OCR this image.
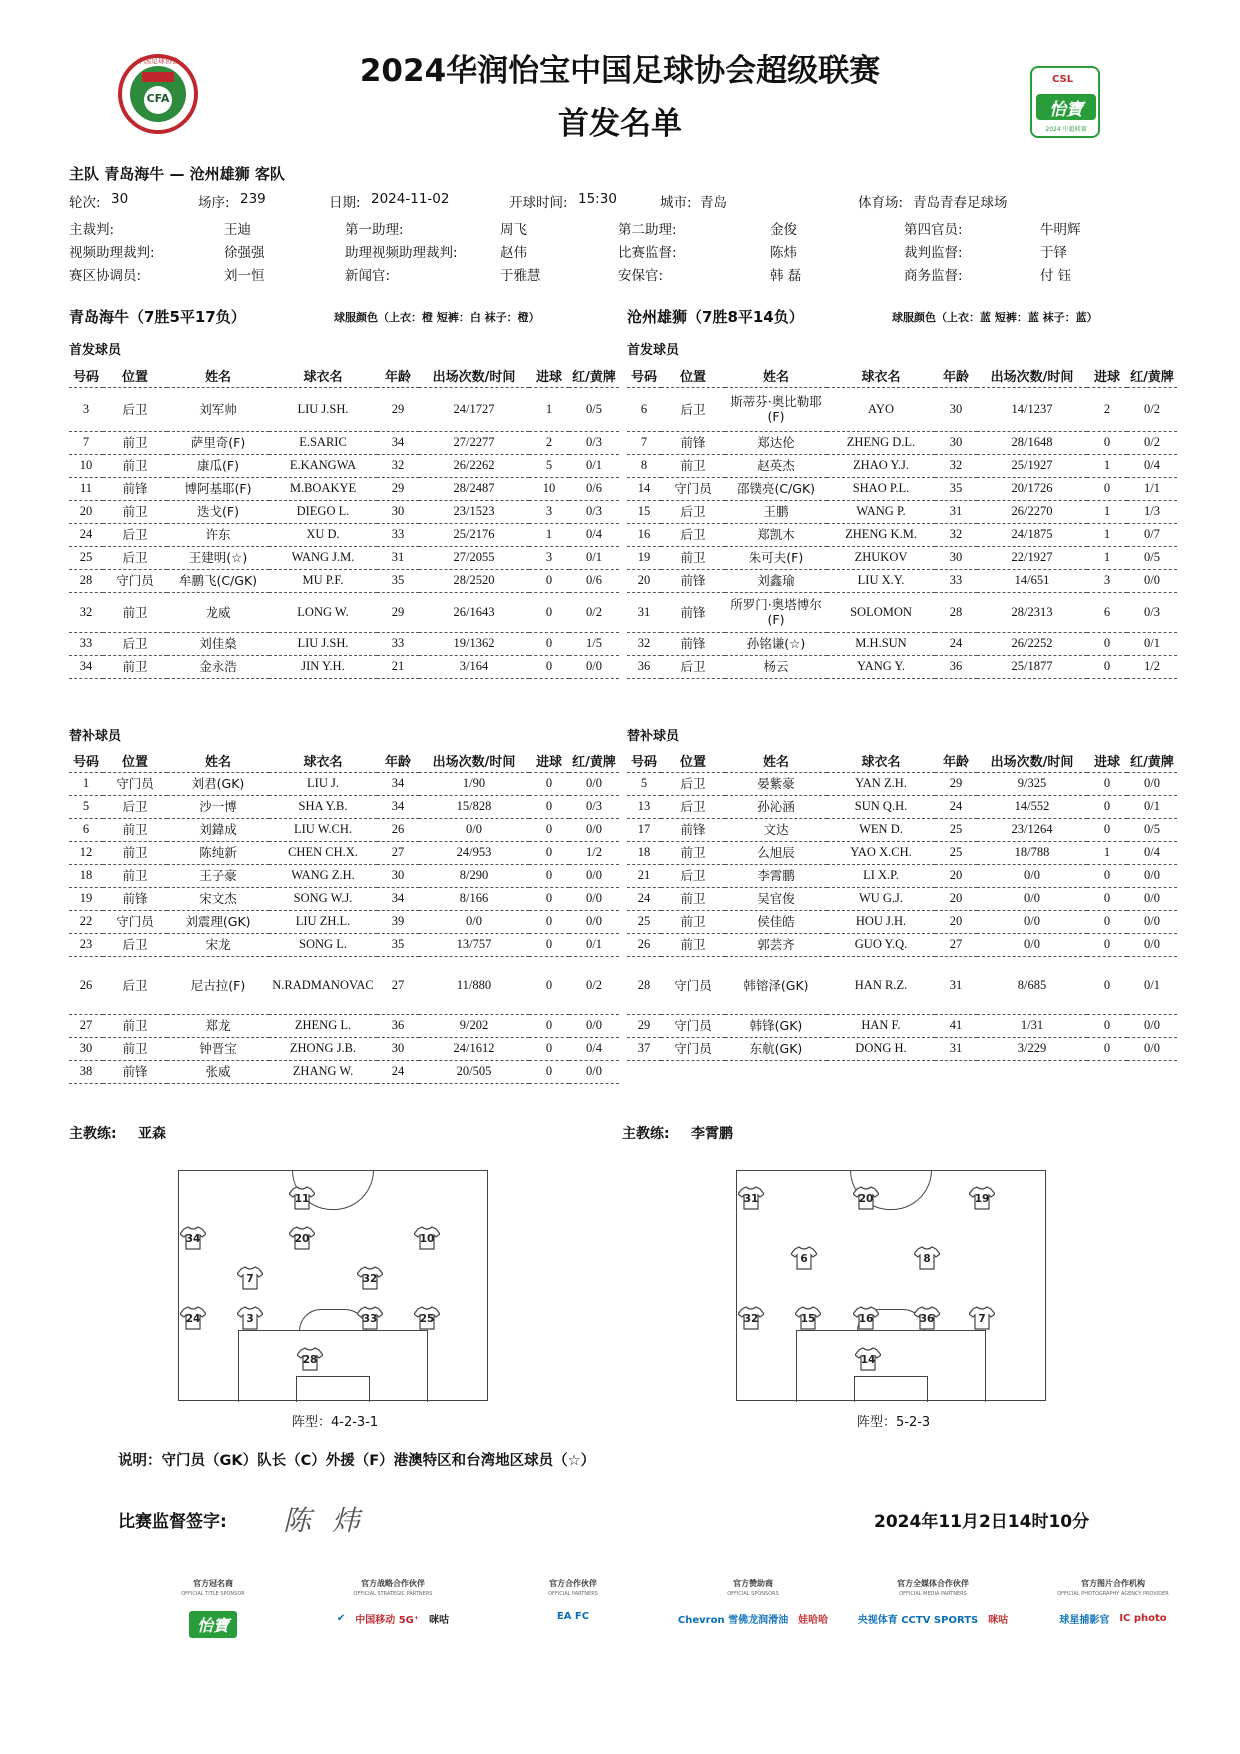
CFA
中国足球协会	2024华润怡宝中国足球协会超级联赛
首发名单
CSL
怡寶
2024 中超联赛
主队 青岛海牛 — 沧州雄狮 客队
轮次: 30	场序: 239	日期: 2024-11-02	开球时间: 15:30	城市: 青岛	体育场: 青岛青春足球场
主裁判:	王迪	第一助理:	周飞	第二助理:	金俊	第四官员:	牛明辉
视频助理裁判:	徐强强	助理视频助理裁判:	赵伟	比赛监督:	陈炜	裁判监督:	于铎
赛区协调员:	刘一恒	新闻官:	于雅慧	安保官:	韩 磊	商务监督:	付 钰
青岛海牛（7胜5平17负）	球服颜色（上衣：橙 短裤：白 袜子：橙）	沧州雄狮（7胜8平14负）	球服颜色（上衣：蓝 短裤：蓝 袜子：蓝）
首发球员	首发球员
号码	位置	姓名	球衣名	年龄	出场次数/时间	进球	红/黄牌
3	后卫	刘军帅	LIU J.SH.	29	24/1727	1	0/5
7	前卫	萨里奇(F)	E.SARIC	34	27/2277	2	0/3
10	前卫	康瓜(F)	E.KANGWA	32	26/2262	5	0/1
11	前锋	博阿基耶(F)	M.BOAKYE	29	28/2487	10	0/6
20	前卫	迭戈(F)	DIEGO L.	30	23/1523	3	0/3
24	后卫	许东	XU D.	33	25/2176	1	0/4
25	后卫	王建明(☆)	WANG J.M.	31	27/2055	3	0/1
28	守门员	牟鹏飞(C/GK)	MU P.F.	35	28/2520	0	0/6
32	前卫	龙威	LONG W.	29	26/1643	0	0/2
33	后卫	刘佳燊	LIU J.SH.	33	19/1362	0	1/5
34	前卫	金永浩	JIN Y.H.	21	3/164	0	0/0
号码	位置	姓名	球衣名	年龄	出场次数/时间	进球	红/黄牌
6	后卫	斯蒂芬·奥比勒耶(F)	AYO	30	14/1237	2	0/2
7	前锋	郑达伦	ZHENG D.L.	30	28/1648	0	0/2
8	前卫	赵英杰	ZHAO Y.J.	32	25/1927	1	0/4
14	守门员	邵镤亮(C/GK)	SHAO P.L.	35	20/1726	0	1/1
15	后卫	王鹏	WANG P.	31	26/2270	1	1/3
16	后卫	郑凯木	ZHENG K.M.	32	24/1875	1	0/7
19	前卫	朱可夫(F)	ZHUKOV	30	22/1927	1	0/5
20	前锋	刘鑫瑜	LIU X.Y.	33	14/651	3	0/0
31	前锋	所罗门·奥塔博尔(F)	SOLOMON	28	28/2313	6	0/3
32	前锋	孙铭谦(☆)	M.H.SUN	24	26/2252	0	0/1
36	后卫	杨云	YANG Y.	36	25/1877	0	1/2
替补球员	替补球员
号码	位置	姓名	球衣名	年龄	出场次数/时间	进球	红/黄牌
1	守门员	刘君(GK)	LIU J.	34	1/90	0	0/0
5	后卫	沙一博	SHA Y.B.	34	15/828	0	0/3
6	前卫	刘鍏成	LIU W.CH.	26	0/0	0	0/0
12	前卫	陈纯新	CHEN CH.X.	27	24/953	0	1/2
18	前卫	王子豪	WANG Z.H.	30	8/290	0	0/0
19	前锋	宋文杰	SONG W.J.	34	8/166	0	0/0
22	守门员	刘震理(GK)	LIU ZH.L.	39	0/0	0	0/0
23	后卫	宋龙	SONG L.	35	13/757	0	0/1
26	后卫	尼古拉(F)	N.RADMANOVAC	27	11/880	0	0/2
27	前卫	郑龙	ZHENG L.	36	9/202	0	0/0
30	前卫	钟晋宝	ZHONG J.B.	30	24/1612	0	0/4
38	前锋	张威	ZHANG W.	24	20/505	0	0/0
号码	位置	姓名	球衣名	年龄	出场次数/时间	进球	红/黄牌
5	后卫	晏紫豪	YAN Z.H.	29	9/325	0	0/0
13	后卫	孙沁涵	SUN Q.H.	24	14/552	0	0/1
17	前锋	文达	WEN D.	25	23/1264	0	0/5
18	前卫	么旭辰	YAO X.CH.	25	18/788	1	0/4
21	后卫	李霄鹏	LI X.P.	20	0/0	0	0/0
24	前卫	吴官俊	WU G.J.	20	0/0	0	0/0
25	前卫	侯佳皓	HOU J.H.	20	0/0	0	0/0
26	前卫	郭芸齐	GUO Y.Q.	27	0/0	0	0/0
28	守门员	韩镕泽(GK)	HAN R.Z.	31	8/685	0	0/1
29	守门员	韩锋(GK)	HAN F.	41	1/31	0	0/0
37	守门员	东航(GK)	DONG H.	31	3/229	0	0/0
主教练: 亚森	主教练: 李霄鹏
11
34	20	10
7	32
24	3	33	25
28
31	20	19
6	8
32	15	16	36	7
14
阵型：4-2-3-1	阵型：5-2-3
说明：守门员（GK）队长（C）外援（F）港澳特区和台湾地区球员（☆）
比赛监督签字: 陈 炜	2024年11月2日14时10分
官方冠名商
OFFICIAL TITLE SPONSOR
怡寶
官方战略合作伙伴
OFFICIAL STRATEGIC PARTNERS
✔ 中国移动 5G⁺ 咪咕
官方合作伙伴
OFFICIAL PARTNERS
EA FC
官方赞助商
OFFICIAL SPONSORS
Chevron 雪佛龙润滑油 娃哈哈
官方全媒体合作伙伴
OFFICIAL MEDIA PARTNERS
央视体育 CCTV SPORTS 咪咕
官方图片合作机构
OFFICIAL PHOTOGRAPHY AGENCY PROVIDER
球星捕影官 IC photo
